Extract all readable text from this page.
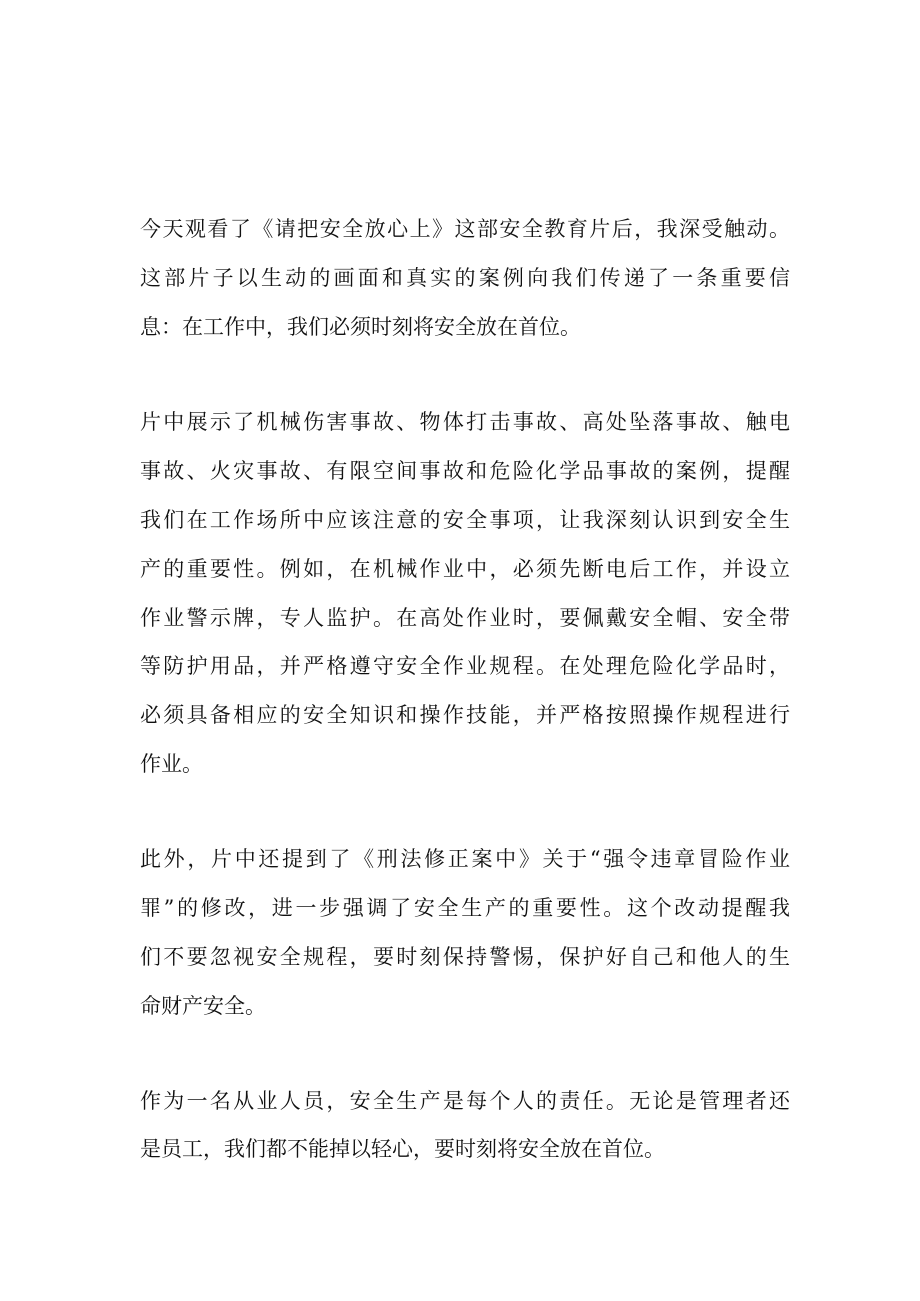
今天观看了《请把安全放心上》这部安全教育片后，我深受触动。
这部片子以生动的画面和真实的案例向我们传递了一条重要信
息：在工作中，我们必须时刻将安全放在首位。
片中展示了机械伤害事故、物体打击事故、高处坠落事故、触电
事故、火灾事故、有限空间事故和危险化学品事故的案例，提醒
我们在工作场所中应该注意的安全事项，让我深刻认识到安全生
产的重要性。例如，在机械作业中，必须先断电后工作，并设立
作业警示牌，专人监护。在高处作业时，要佩戴安全帽、安全带
等防护用品，并严格遵守安全作业规程。在处理危险化学品时，
必须具备相应的安全知识和操作技能，并严格按照操作规程进行
作业。
此外，片中还提到了《刑法修正案中》关于“强令违章冒险作业
罪”的修改，进一步强调了安全生产的重要性。这个改动提醒我
们不要忽视安全规程，要时刻保持警惕，保护好自己和他人的生
命财产安全。
作为一名从业人员，安全生产是每个人的责任。无论是管理者还
是员工，我们都不能掉以轻心，要时刻将安全放在首位。
